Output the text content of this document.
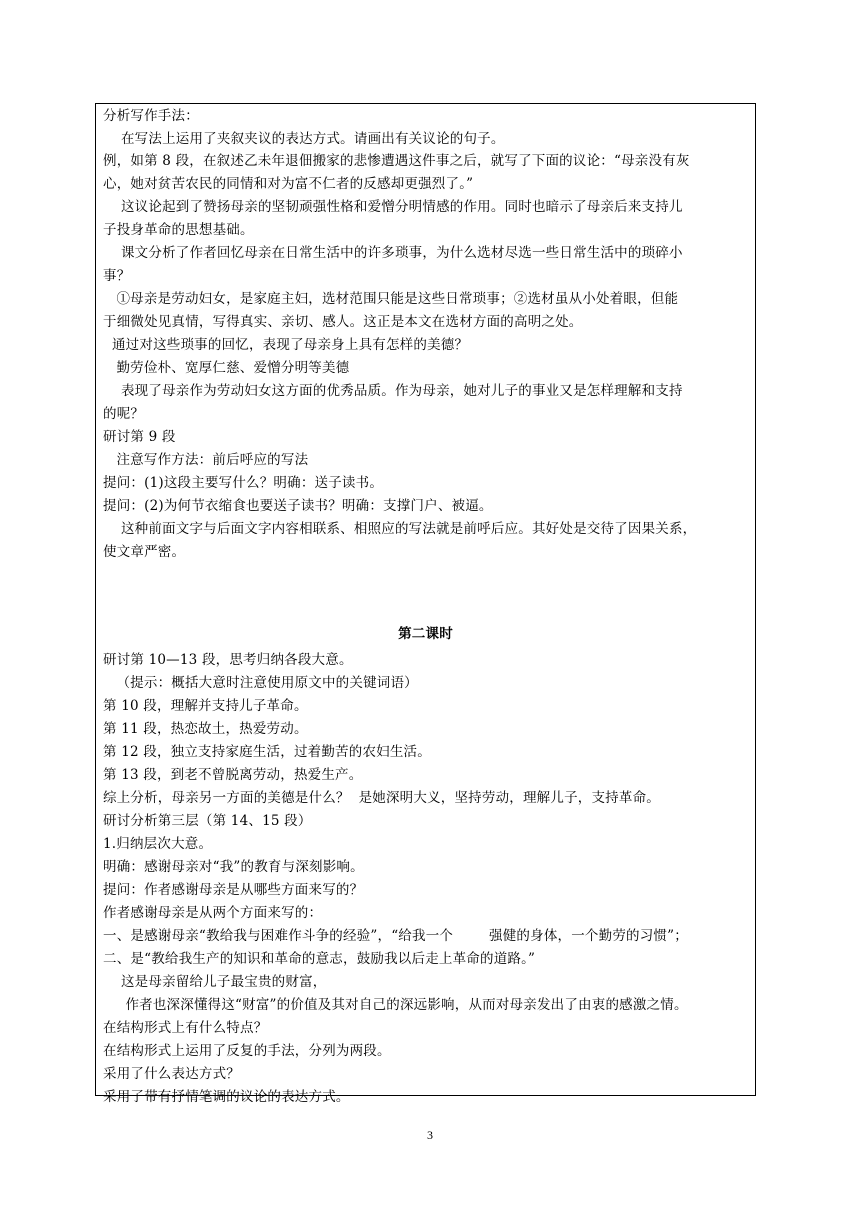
分析写作手法：
在写法上运用了夹叙夹议的表达方式。请画出有关议论的句子。
例，如第 8 段，在叙述乙未年退佃搬家的悲惨遭遇这件事之后，就写了下面的议论：“母亲没有灰
心，她对贫苦农民的同情和对为富不仁者的反感却更强烈了。”
这议论起到了赞扬母亲的坚韧顽强性格和爱憎分明情感的作用。同时也暗示了母亲后来支持儿
子投身革命的思想基础。
课文分析了作者回忆母亲在日常生活中的许多琐事，为什么选材尽选一些日常生活中的琐碎小
事？
①母亲是劳动妇女，是家庭主妇，选材范围只能是这些日常琐事；②选材虽从小处着眼，但能
于细微处见真情，写得真实、亲切、感人。这正是本文在选材方面的高明之处。
通过对这些琐事的回忆，表现了母亲身上具有怎样的美德？
勤劳俭朴、宽厚仁慈、爱憎分明等美德
表现了母亲作为劳动妇女这方面的优秀品质。作为母亲，她对儿子的事业又是怎样理解和支持
的呢？
研讨第 9 段
注意写作方法：前后呼应的写法
提问：(1)这段主要写什么？明确：送子读书。
提问：(2)为何节衣缩食也要送子读书？明确：支撑门户、被逼。
这种前面文字与后面文字内容相联系、相照应的写法就是前呼后应。其好处是交待了因果关系，
使文章严密。
第二课时
研讨第 10—13 段，思考归纳各段大意。
（提示：概括大意时注意使用原文中的关键词语）
第 10 段，理解并支持儿子革命。
第 11 段，热恋故土，热爱劳动。
第 12 段，独立支持家庭生活，过着勤苦的农妇生活。
第 13 段，到老不曾脱离劳动，热爱生产。
综上分析，母亲另一方面的美德是什么？  是她深明大义，坚持劳动，理解儿子，支持革命。
研讨分析第三层（第 14、15 段）
1.归纳层次大意。
明确：感谢母亲对“我”的教育与深刻影响。
提问：作者感谢母亲是从哪些方面来写的？
作者感谢母亲是从两个方面来写的：
一、是感谢母亲“教给我与困难作斗争的经验”，“给我一个        强健的身体，一个勤劳的习惯”；
二、是“教给我生产的知识和革命的意志，鼓励我以后走上革命的道路。”
这是母亲留给儿子最宝贵的财富，
作者也深深懂得这“财富”的价值及其对自己的深远影响，从而对母亲发出了由衷的感激之情。
在结构形式上有什么特点？
在结构形式上运用了反复的手法，分列为两段。
采用了什么表达方式？
采用了带有抒情笔调的议论的表达方式。
3
